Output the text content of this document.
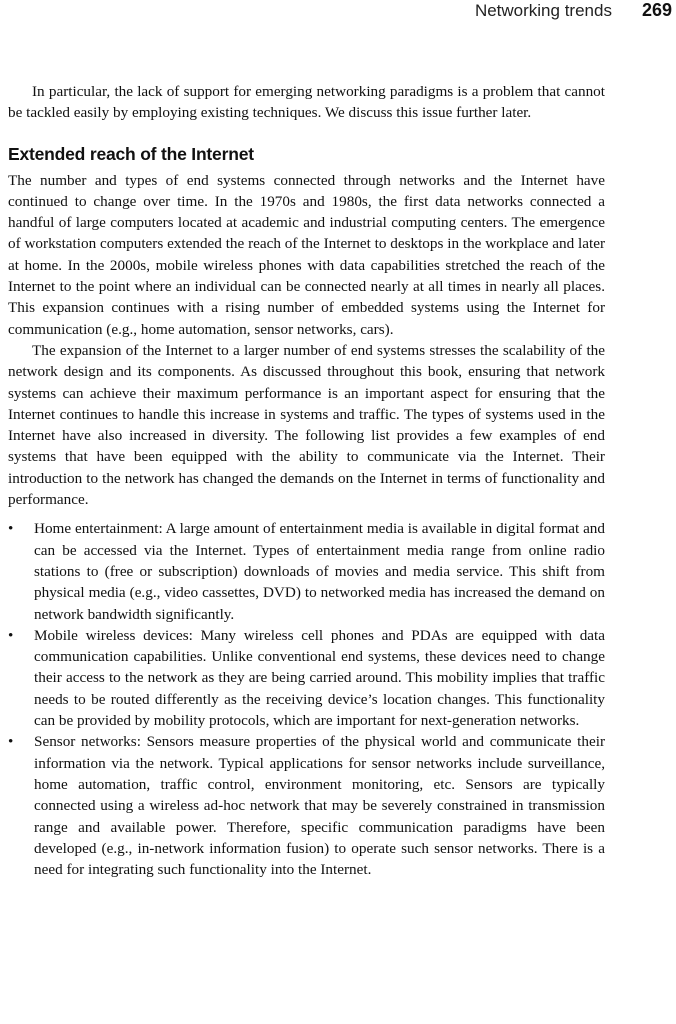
Networking trends 269

In particular, the lack of support for emerging networking paradigms is a problem that cannot be tackled easily by employing existing techniques. We discuss this issue further later.

Extended reach of the Internet

The number and types of end systems connected through networks and the Internet have continued to change over time. In the 1970s and 1980s, the first data networks connected a handful of large computers located at academic and industrial computing centers. The emergence of workstation computers extended the reach of the Internet to desktops in the workplace and later at home. In the 2000s, mobile wireless phones with data capabilities stretched the reach of the Internet to the point where an individual can be connected nearly at all times in nearly all places. This expansion continues with a rising number of embedded systems using the Internet for communication (e.g., home automation, sensor networks, cars).

The expansion of the Internet to a larger number of end systems stresses the scalability of the network design and its components. As discussed throughout this book, ensuring that network systems can achieve their maximum performance is an important aspect for ensuring that the Internet continues to handle this increase in systems and traffic. The types of systems used in the Internet have also increased in diversity. The following list provides a few examples of end systems that have been equipped with the ability to communicate via the Internet. Their introduction to the network has changed the demands on the Internet in terms of functionality and performance.

• Home entertainment: A large amount of entertainment media is available in digital format and can be accessed via the Internet. Types of entertainment media range from online radio stations to (free or subscription) downloads of movies and media service. This shift from physical media (e.g., video cassettes, DVD) to networked media has increased the demand on network bandwidth significantly.
• Mobile wireless devices: Many wireless cell phones and PDAs are equipped with data communication capabilities. Unlike conventional end systems, these devices need to change their access to the network as they are being carried around. This mobility implies that traffic needs to be routed differently as the receiving device’s location changes. This functionality can be provided by mobility protocols, which are important for next-generation networks.
• Sensor networks: Sensors measure properties of the physical world and communicate their information via the network. Typical applications for sensor networks include surveillance, home automation, traffic control, environment monitoring, etc. Sensors are typically connected using a wireless ad-hoc network that may be severely constrained in transmission range and available power. Therefore, specific communication paradigms have been developed (e.g., in-network information fusion) to operate such sensor networks. There is a need for integrating such functionality into the Internet.
